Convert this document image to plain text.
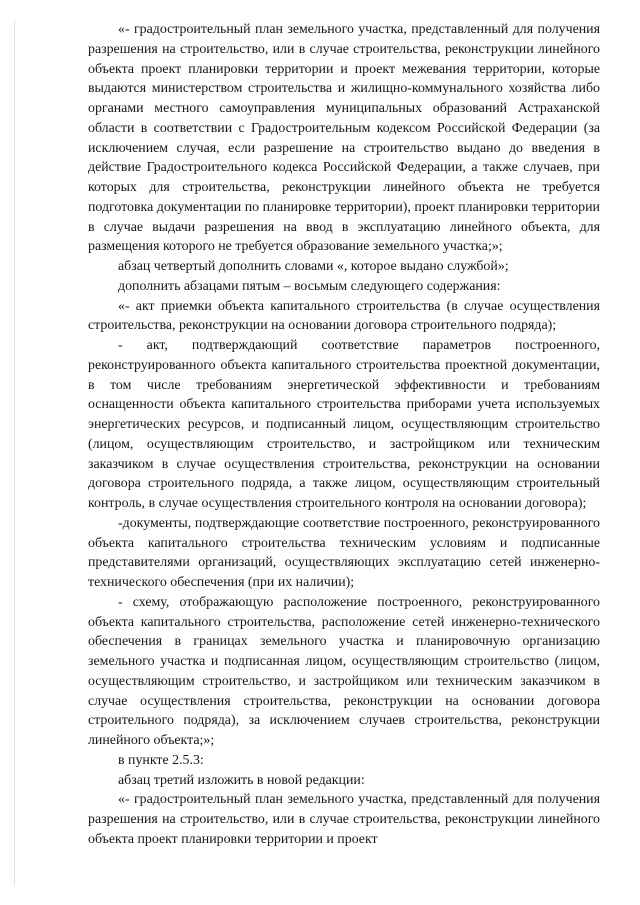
«- градостроительный план земельного участка, представленный для получения разрешения на строительство, или в случае строительства, реконструкции линейного объекта проект планировки территории и проект межевания территории, которые выдаются министерством строительства и жилищно-коммунального хозяйства либо органами местного самоуправления муниципальных образований Астраханской области в соответствии с Градостроительным кодексом Российской Федерации (за исключением случая, если разрешение на строительство выдано до введения в действие Градостроительного кодекса Российской Федерации, а также случаев, при которых для строительства, реконструкции линейного объекта не требуется подготовка документации по планировке территории), проект планировки территории в случае выдачи разрешения на ввод в эксплуатацию линейного объекта, для размещения которого не требуется образование земельного участка;»;

абзац четвертый дополнить словами «, которое выдано службой»;

дополнить абзацами пятым – восьмым следующего содержания:

«- акт приемки объекта капитального строительства (в случае осуществления строительства, реконструкции на основании договора строительного подряда);

- акт, подтверждающий соответствие параметров построенного, реконструированного объекта капитального строительства проектной документации, в том числе требованиям энергетической эффективности и требованиям оснащенности объекта капитального строительства приборами учета используемых энергетических ресурсов, и подписанный лицом, осуществляющим строительство (лицом, осуществляющим строительство, и застройщиком или техническим заказчиком в случае осуществления строительства, реконструкции на основании договора строительного подряда, а также лицом, осуществляющим строительный контроль, в случае осуществления строительного контроля на основании договора);

-документы, подтверждающие соответствие построенного, реконструированного объекта капитального строительства техническим условиям и подписанные представителями организаций, осуществляющих эксплуатацию сетей инженерно-технического обеспечения (при их наличии);

- схему, отображающую расположение построенного, реконструированного объекта капитального строительства, расположение сетей инженерно-технического обеспечения в границах земельного участка и планировочную организацию земельного участка и подписанная лицом, осуществляющим строительство (лицом, осуществляющим строительство, и застройщиком или техническим заказчиком в случае осуществления строительства, реконструкции на основании договора строительного подряда), за исключением случаев строительства, реконструкции линейного объекта;»;

в пункте 2.5.3:

абзац третий изложить в новой редакции:

«- градостроительный план земельного участка, представленный для получения разрешения на строительство, или в случае строительства, реконструкции линейного объекта проект планировки территории и проект
